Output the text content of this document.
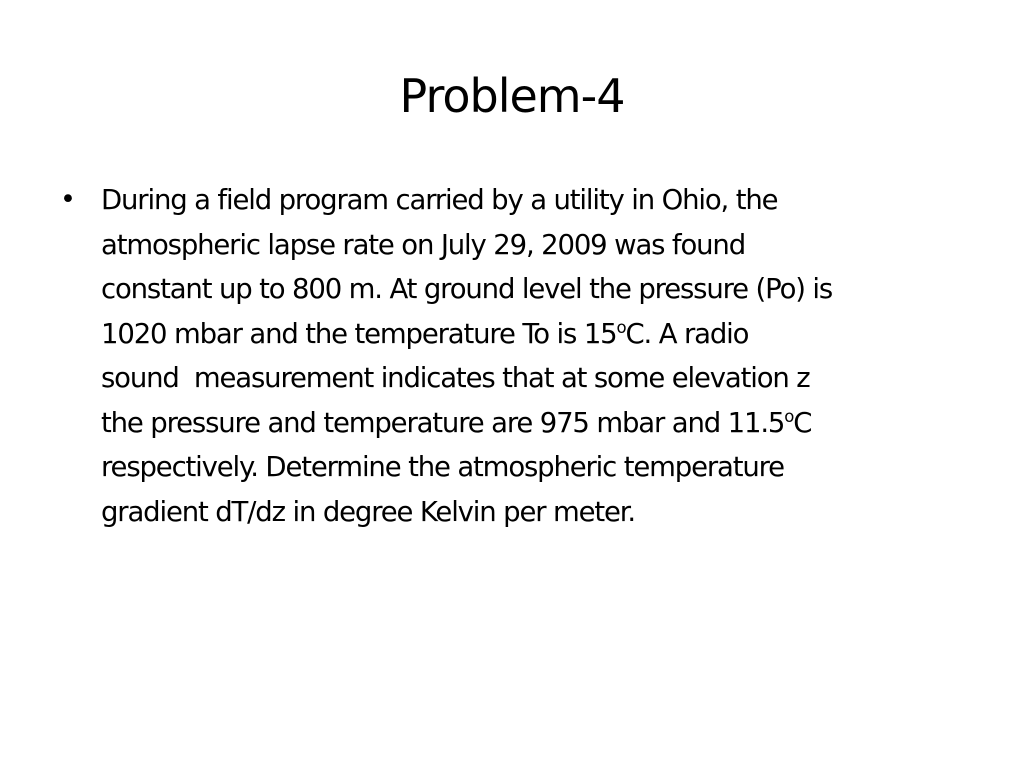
Problem-4
• During a field program carried by a utility in Ohio, the
atmospheric lapse rate on July 29, 2009 was found
constant up to 800 m. At ground level the pressure (Po) is
1020 mbar and the temperature To is 15$^o$C. A radio
sound  measurement indicates that at some elevation z
the pressure and temperature are 975 mbar and 11.5$^o$C
respectively. Determine the atmospheric temperature
gradient dT/dz in degree Kelvin per meter.
